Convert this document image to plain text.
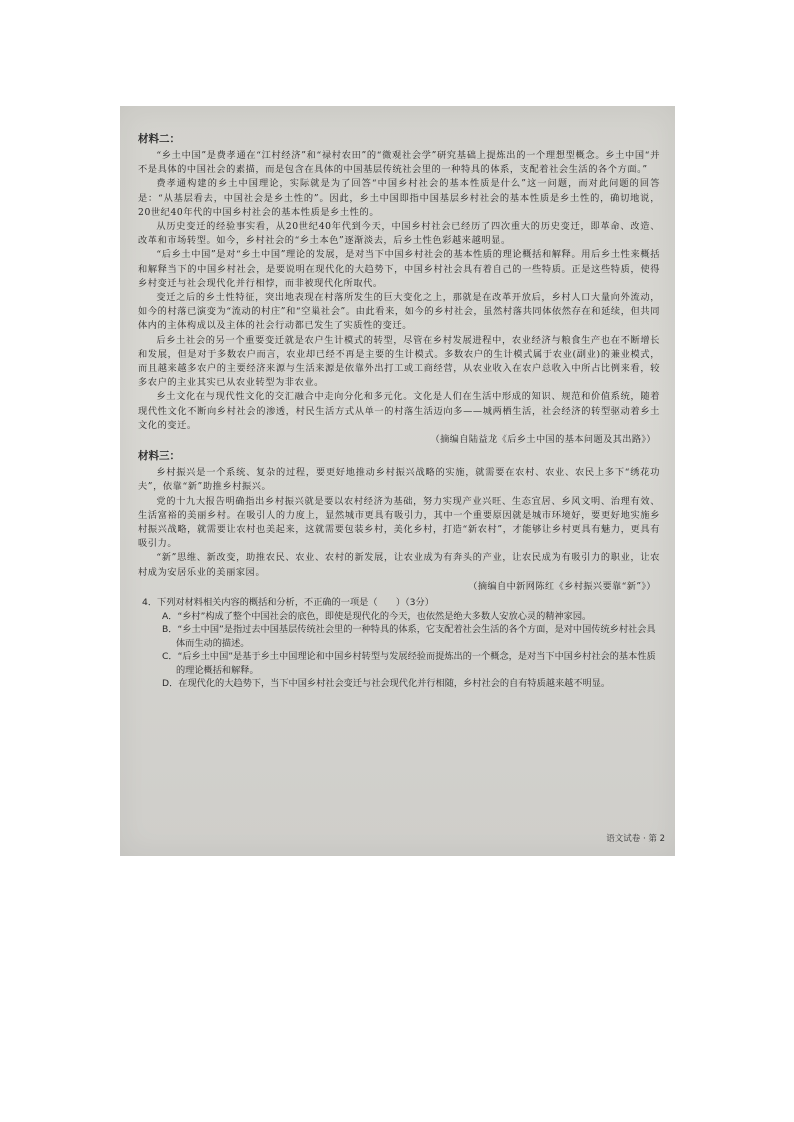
材料二：

“乡土中国”是费孝通在“江村经济”和“禄村农田”的“微观社会学”研究基础上提炼出的一个理想型概念。乡土中国“并不是具体的中国社会的素描，而是包含在具体的中国基层传统社会里的一种特具的体系，支配着社会生活的各个方面。”

费孝通构建的乡土中国理论，实际就是为了回答“中国乡村社会的基本性质是什么”这一问题，而对此问题的回答是：“从基层看去，中国社会是乡土性的”。因此，乡土中国即指中国基层乡村社会的基本性质是乡土性的，确切地说，20世纪40年代的中国乡村社会的基本性质是乡土性的。

从历史变迁的经验事实看，从20世纪40年代到今天，中国乡村社会已经历了四次重大的历史变迁，即革命、改造、改革和市场转型。如今，乡村社会的“乡土本色”逐渐淡去，后乡土性色彩越来越明显。

“后乡土中国”是对“乡土中国”理论的发展，是对当下中国乡村社会的基本性质的理论概括和解释。用后乡土性来概括和解释当下的中国乡村社会，是要说明在现代化的大趋势下，中国乡村社会具有着自己的一些特质。正是这些特质，使得乡村变迁与社会现代化并行相悖，而非被现代化所取代。

变迁之后的乡土性特征，突出地表现在村落所发生的巨大变化之上，那就是在改革开放后，乡村人口大量向外流动，如今的村落已演变为“流动的村庄”和“空巢社会”。由此看来，如今的乡村社会，虽然村落共同体依然存在和延续，但共同体内的主体构成以及主体的社会行动都已发生了实质性的变迁。

后乡土社会的另一个重要变迁就是农户生计模式的转型，尽管在乡村发展进程中，农业经济与粮食生产也在不断增长和发展，但是对于多数农户而言，农业却已经不再是主要的生计模式。多数农户的生计模式属于农业(副业)的兼业模式，而且越来越多农户的主要经济来源与生活来源是依靠外出打工或工商经营，从农业收入在农户总收入中所占比例来看，较多农户的主业其实已从农业转型为非农业。

乡土文化在与现代性文化的交汇融合中走向分化和多元化。文化是人们在生活中形成的知识、规范和价值系统，随着现代性文化不断向乡村社会的渗透，村民生活方式从单一的村落生活迈向多——城两栖生活，社会经济的转型驱动着乡土文化的变迁。

（摘编自陆益龙《后乡土中国的基本问题及其出路》）

材料三：

乡村振兴是一个系统、复杂的过程，要更好地推动乡村振兴战略的实施，就需要在农村、农业、农民上多下“绣花功夫”，依靠“新”助推乡村振兴。

党的十九大报告明确指出乡村振兴就是要以农村经济为基础，努力实现产业兴旺、生态宜居、乡风文明、治理有效、生活富裕的美丽乡村。在吸引人的力度上，显然城市更具有吸引力，其中一个重要原因就是城市环境好，要更好地实施乡村振兴战略，就需要让农村也美起来，这就需要包装乡村，美化乡村，打造“新农村”，才能够让乡村更具有魅力，更具有吸引力。

“新”思维、新改变，助推农民、农业、农村的新发展，让农业成为有奔头的产业，让农民成为有吸引力的职业，让农村成为安居乐业的美丽家园。

（摘编自中新网陈红《乡村振兴要靠“新”》）

4．下列对材料相关内容的概括和分析，不正确的一项是（　　）（3分）

A．“乡村”构成了整个中国社会的底色，即使是现代化的今天，也依然是绝大多数人安放心灵的精神家园。

B．“乡土中国”是指过去中国基层传统社会里的一种特具的体系，它支配着社会生活的各个方面，是对中国传统乡村社会具体而生动的描述。

C．“后乡土中国”是基于乡土中国理论和中国乡村转型与发展经验而提炼出的一个概念，是对当下中国乡村社会的基本性质的理论概括和解释。

D．在现代化的大趋势下，当下中国乡村社会变迁与社会现代化并行相随，乡村社会的自有特质越来越不明显。

语文试卷 · 第 2
